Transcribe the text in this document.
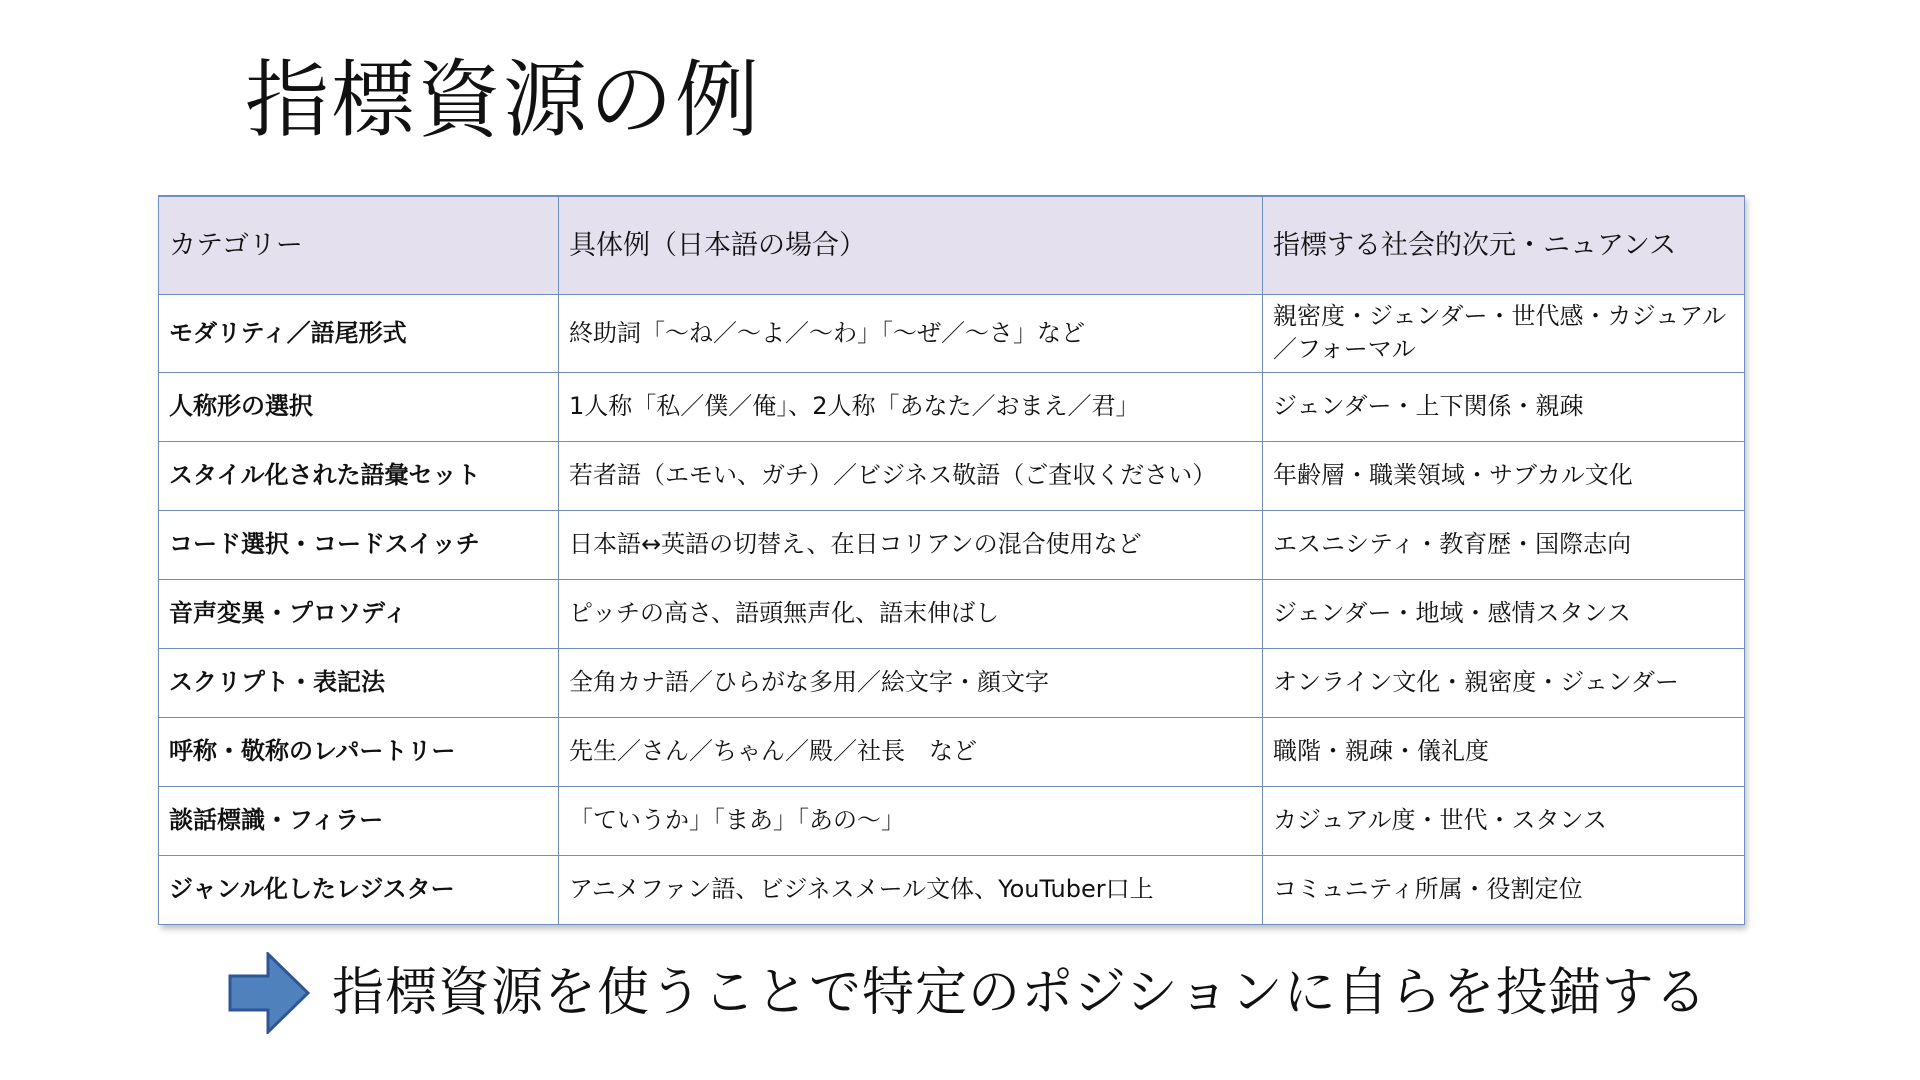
指標資源の例
カテゴリー	具体例（日本語の場合）	指標する社会的次元・ニュアンス
モダリティ／語尾形式	終助詞「〜ね／〜よ／〜わ」「〜ぜ／〜さ」など	親密度・ジェンダー・世代感・カジュアル／フォーマル
人称形の選択	1人称「私／僕／俺」、2人称「あなた／おまえ／君」	ジェンダー・上下関係・親疎
スタイル化された語彙セット	若者語（エモい、ガチ）／ビジネス敬語（ご査収ください）	年齢層・職業領域・サブカル文化
コード選択・コードスイッチ	日本語↔英語の切替え、在日コリアンの混合使用など	エスニシティ・教育歴・国際志向
音声変異・プロソディ	ピッチの高さ、語頭無声化、語末伸ばし	ジェンダー・地域・感情スタンス
スクリプト・表記法	全角カナ語／ひらがな多用／絵文字・顔文字	オンライン文化・親密度・ジェンダー
呼称・敬称のレパートリー	先生／さん／ちゃん／殿／社長　など	職階・親疎・儀礼度
談話標識・フィラー	「ていうか」「まあ」「あの〜」	カジュアル度・世代・スタンス
ジャンル化したレジスター	アニメファン語、ビジネスメール文体、YouTuber口上	コミュニティ所属・役割定位
指標資源を使うことで特定のポジションに自らを投錨する
